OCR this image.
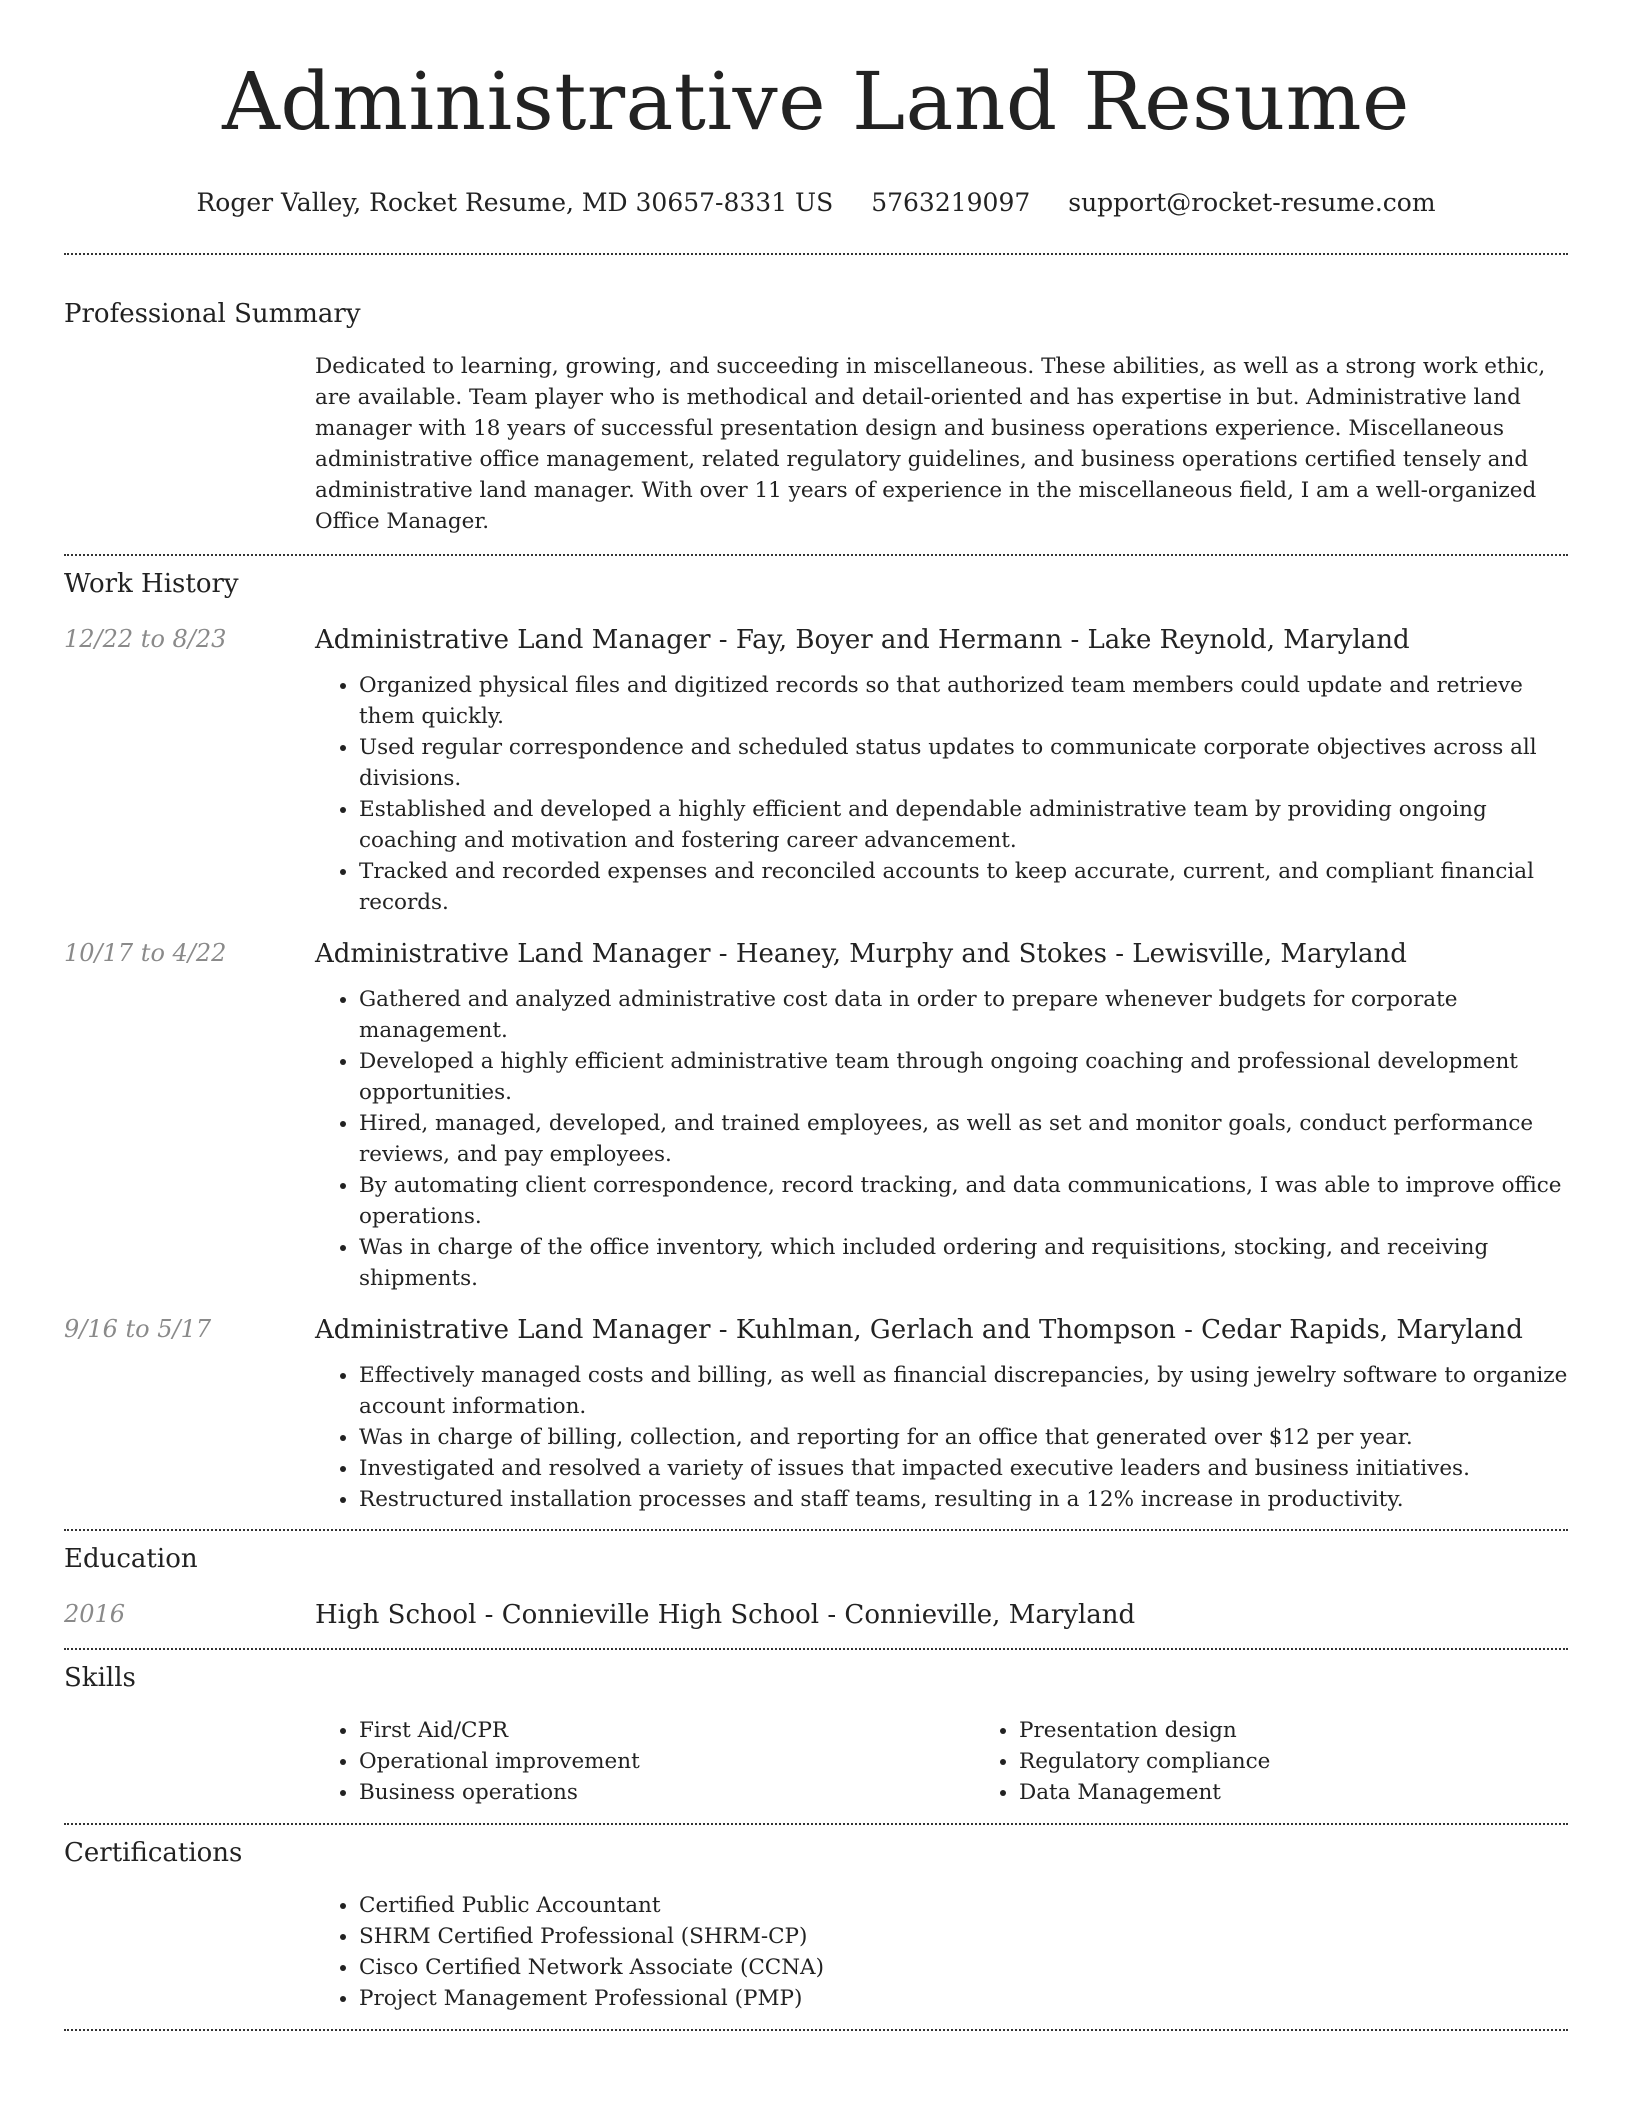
Administrative Land Resume
Roger Valley, Rocket Resume, MD 30657-8331 US 5763219097 support@rocket-resume.com
Professional Summary
Dedicated to learning, growing, and succeeding in miscellaneous. These abilities, as well as a strong work ethic, are available. Team player who is methodical and detail-oriented and has expertise in but. Administrative land manager with 18 years of successful presentation design and business operations experience. Miscellaneous administrative office management, related regulatory guidelines, and business operations certified tensely and administrative land manager. With over 11 years of experience in the miscellaneous field, I am a well-organized Office Manager.
Work History
12/22 to 8/23	Administrative Land Manager - Fay, Boyer and Hermann - Lake Reynold, Maryland
• Organized physical files and digitized records so that authorized team members could update and retrieve them quickly.
• Used regular correspondence and scheduled status updates to communicate corporate objectives across all divisions.
• Established and developed a highly efficient and dependable administrative team by providing ongoing coaching and motivation and fostering career advancement.
• Tracked and recorded expenses and reconciled accounts to keep accurate, current, and compliant financial records.
10/17 to 4/22	Administrative Land Manager - Heaney, Murphy and Stokes - Lewisville, Maryland
• Gathered and analyzed administrative cost data in order to prepare whenever budgets for corporate management.
• Developed a highly efficient administrative team through ongoing coaching and professional development opportunities.
• Hired, managed, developed, and trained employees, as well as set and monitor goals, conduct performance reviews, and pay employees.
• By automating client correspondence, record tracking, and data communications, I was able to improve office operations.
• Was in charge of the office inventory, which included ordering and requisitions, stocking, and receiving shipments.
9/16 to 5/17	Administrative Land Manager - Kuhlman, Gerlach and Thompson - Cedar Rapids, Maryland
• Effectively managed costs and billing, as well as financial discrepancies, by using jewelry software to organize account information.
• Was in charge of billing, collection, and reporting for an office that generated over $12 per year.
• Investigated and resolved a variety of issues that impacted executive leaders and business initiatives.
• Restructured installation processes and staff teams, resulting in a 12% increase in productivity.
Education
2016	High School - Connieville High School - Connieville, Maryland
Skills
• First Aid/CPR
• Operational improvement
• Business operations
• Presentation design
• Regulatory compliance
• Data Management
Certifications
• Certified Public Accountant
• SHRM Certified Professional (SHRM-CP)
• Cisco Certified Network Associate (CCNA)
• Project Management Professional (PMP)
